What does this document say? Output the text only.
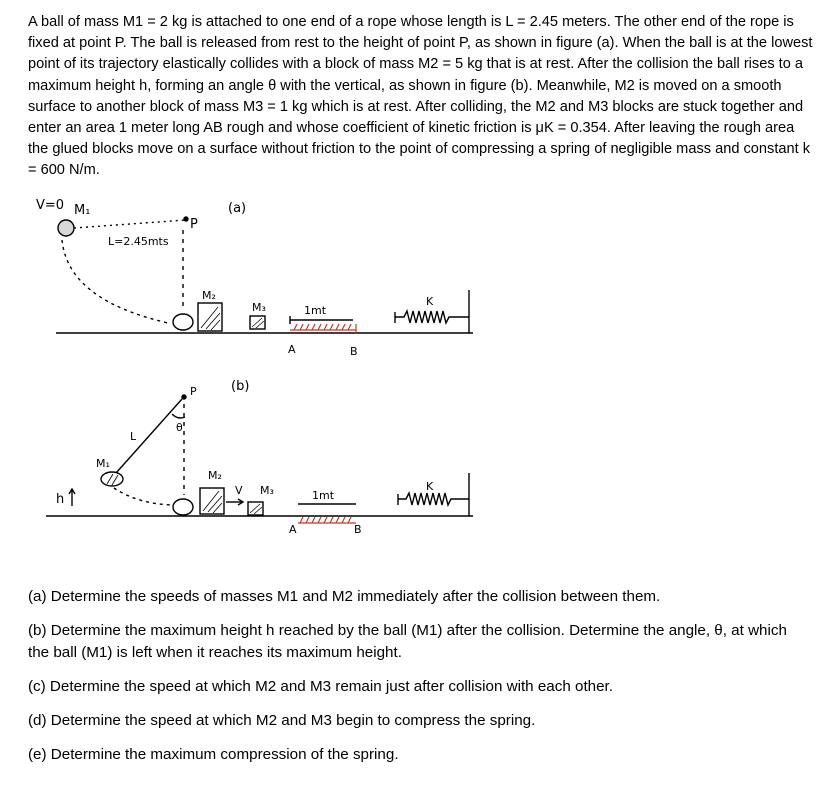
A ball of mass M1 = 2 kg is attached to one end of a rope whose length is L = 2.45 meters. The other end of the rope is fixed at point P. The ball is released from rest to the height of point P, as shown in figure (a). When the ball is at the lowest point of its trajectory elastically collides with a block of mass M2 = 5 kg that is at rest. After the collision the ball rises to a maximum height h, forming an angle θ with the vertical, as shown in figure (b). Meanwhile, M2 is moved on a smooth surface to another block of mass M3 = 1 kg which is at rest. After colliding, the M2 and M3 blocks are stuck together and enter an area 1 meter long AB rough and whose coefficient of kinetic friction is μK = 0.354. After leaving the rough area the glued blocks move on a surface without friction to the point of compressing a spring of negligible mass and constant k = 600 N/m.
V=0 M₁	(a)
P
L=2.45mts
M₂
M₃	1mt
A	B
K
(b)
P
θ
L
M₁
h
M₂
V M₃	1mt
A	B
K

(a) Determine the speeds of masses M1 and M2 immediately after the collision between them.

(b) Determine the maximum height h reached by the ball (M1) after the collision. Determine the angle, θ, at which the ball (M1) is left when it reaches its maximum height.

(c) Determine the speed at which M2 and M3 remain just after collision with each other.

(d) Determine the speed at which M2 and M3 begin to compress the spring.

(e) Determine the maximum compression of the spring.
